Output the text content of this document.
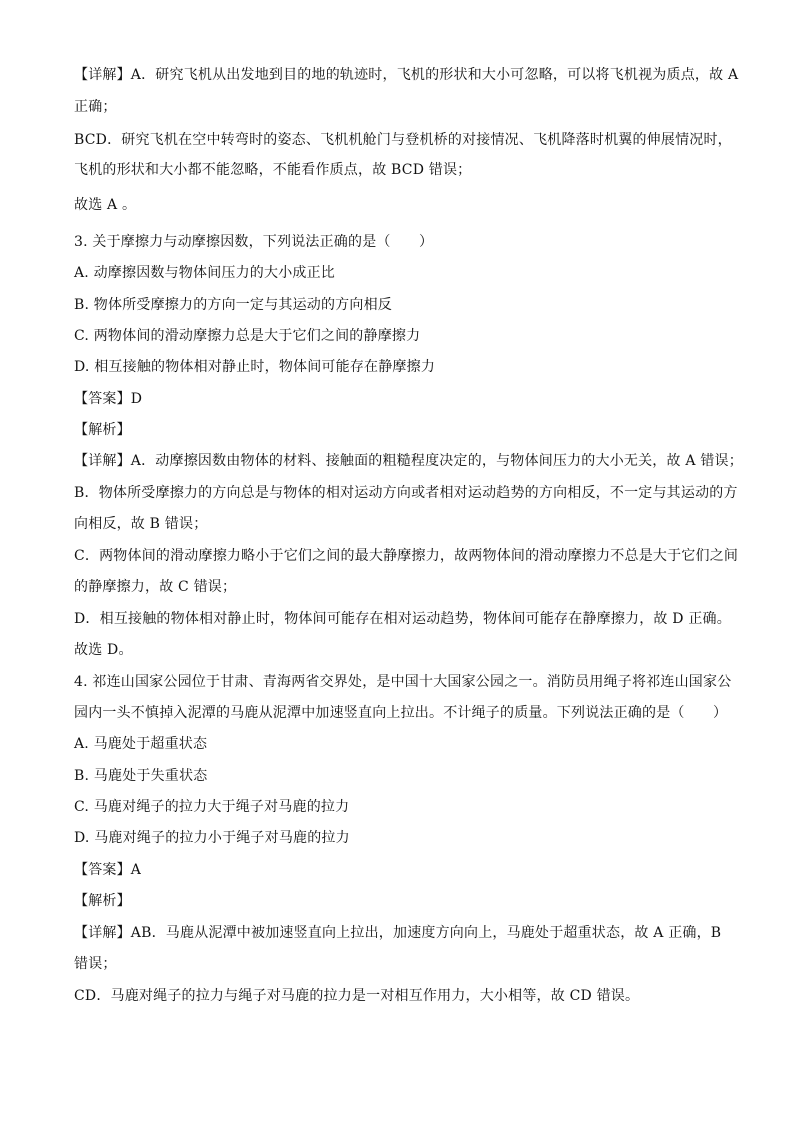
【详解】A．研究飞机从出发地到目的地的轨迹时，飞机的形状和大小可忽略，可以将飞机视为质点，故 A

正确；

BCD．研究飞机在空中转弯时的姿态、飞机机舱门与登机桥的对接情况、飞机降落时机翼的伸展情况时，

飞机的形状和大小都不能忽略，不能看作质点，故 BCD 错误；

故选 A 。

3. 关于摩擦力与动摩擦因数，下列说法正确的是（　　）

A. 动摩擦因数与物体间压力的大小成正比

B. 物体所受摩擦力的方向一定与其运动的方向相反

C. 两物体间的滑动摩擦力总是大于它们之间的静摩擦力

D. 相互接触的物体相对静止时，物体间可能存在静摩擦力

【答案】D

【解析】

【详解】A．动摩擦因数由物体的材料、接触面的粗糙程度决定的，与物体间压力的大小无关，故 A 错误；

B．物体所受摩擦力的方向总是与物体的相对运动方向或者相对运动趋势的方向相反，不一定与其运动的方

向相反，故 B 错误；

C．两物体间的滑动摩擦力略小于它们之间的最大静摩擦力，故两物体间的滑动摩擦力不总是大于它们之间

的静摩擦力，故 C 错误；

D．相互接触的物体相对静止时，物体间可能存在相对运动趋势，物体间可能存在静摩擦力，故 D 正确。

故选 D。

4. 祁连山国家公园位于甘肃、青海两省交界处，是中国十大国家公园之一。消防员用绳子将祁连山国家公

园内一头不慎掉入泥潭的马鹿从泥潭中加速竖直向上拉出。不计绳子的质量。下列说法正确的是（　　）

A. 马鹿处于超重状态

B. 马鹿处于失重状态

C. 马鹿对绳子的拉力大于绳子对马鹿的拉力

D. 马鹿对绳子的拉力小于绳子对马鹿的拉力

【答案】A

【解析】

【详解】AB．马鹿从泥潭中被加速竖直向上拉出，加速度方向向上，马鹿处于超重状态，故 A 正确，B

错误；

CD．马鹿对绳子的拉力与绳子对马鹿的拉力是一对相互作用力，大小相等，故 CD 错误。
